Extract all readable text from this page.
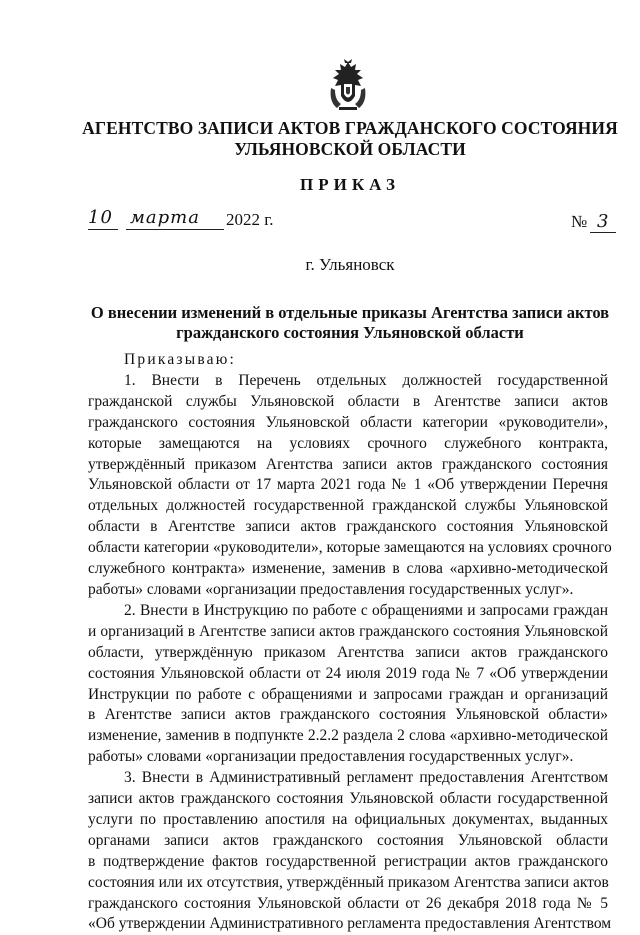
АГЕНТСТВО ЗАПИСИ АКТОВ ГРАЖДАНСКОГО СОСТОЯНИЯ
УЛЬЯНОВСКОЙ ОБЛАСТИ
ПРИКАЗ
10 марта	2022 г.	№ 3
г. Ульяновск
О внесении изменений в отдельные приказы Агентства записи актов
гражданского состояния Ульяновской области
Приказываю:
1. Внести в Перечень отдельных должностей государственной
гражданской службы Ульяновской области в Агентстве записи актов
гражданского состояния Ульяновской области категории «руководители»,
которые замещаются на условиях срочного служебного контракта,
утверждённый приказом Агентства записи актов гражданского состояния
Ульяновской области от 17 марта 2021 года № 1 «Об утверждении Перечня
отдельных должностей государственной гражданской службы Ульяновской
области в Агентстве записи актов гражданского состояния Ульяновской
области категории «руководители», которые замещаются на условиях срочного
служебного контракта» изменение, заменив в слова «архивно-методической
работы» словами «организации предоставления государственных услуг».
2. Внести в Инструкцию по работе с обращениями и запросами граждан
и организаций в Агентстве записи актов гражданского состояния Ульяновской
области, утверждённую приказом Агентства записи актов гражданского
состояния Ульяновской области от 24 июля 2019 года № 7 «Об утверждении
Инструкции по работе с обращениями и запросами граждан и организаций
в Агентстве записи актов гражданского состояния Ульяновской области»
изменение, заменив в подпункте 2.2.2 раздела 2 слова «архивно-методической
работы» словами «организации предоставления государственных услуг».
3. Внести в Административный регламент предоставления Агентством
записи актов гражданского состояния Ульяновской области государственной
услуги по проставлению апостиля на официальных документах, выданных
органами записи актов гражданского состояния Ульяновской области
в подтверждение фактов государственной регистрации актов гражданского
состояния или их отсутствия, утверждённый приказом Агентства записи актов
гражданского состояния Ульяновской области от 26 декабря 2018 года № 5
«Об утверждении Административного регламента предоставления Агентством
